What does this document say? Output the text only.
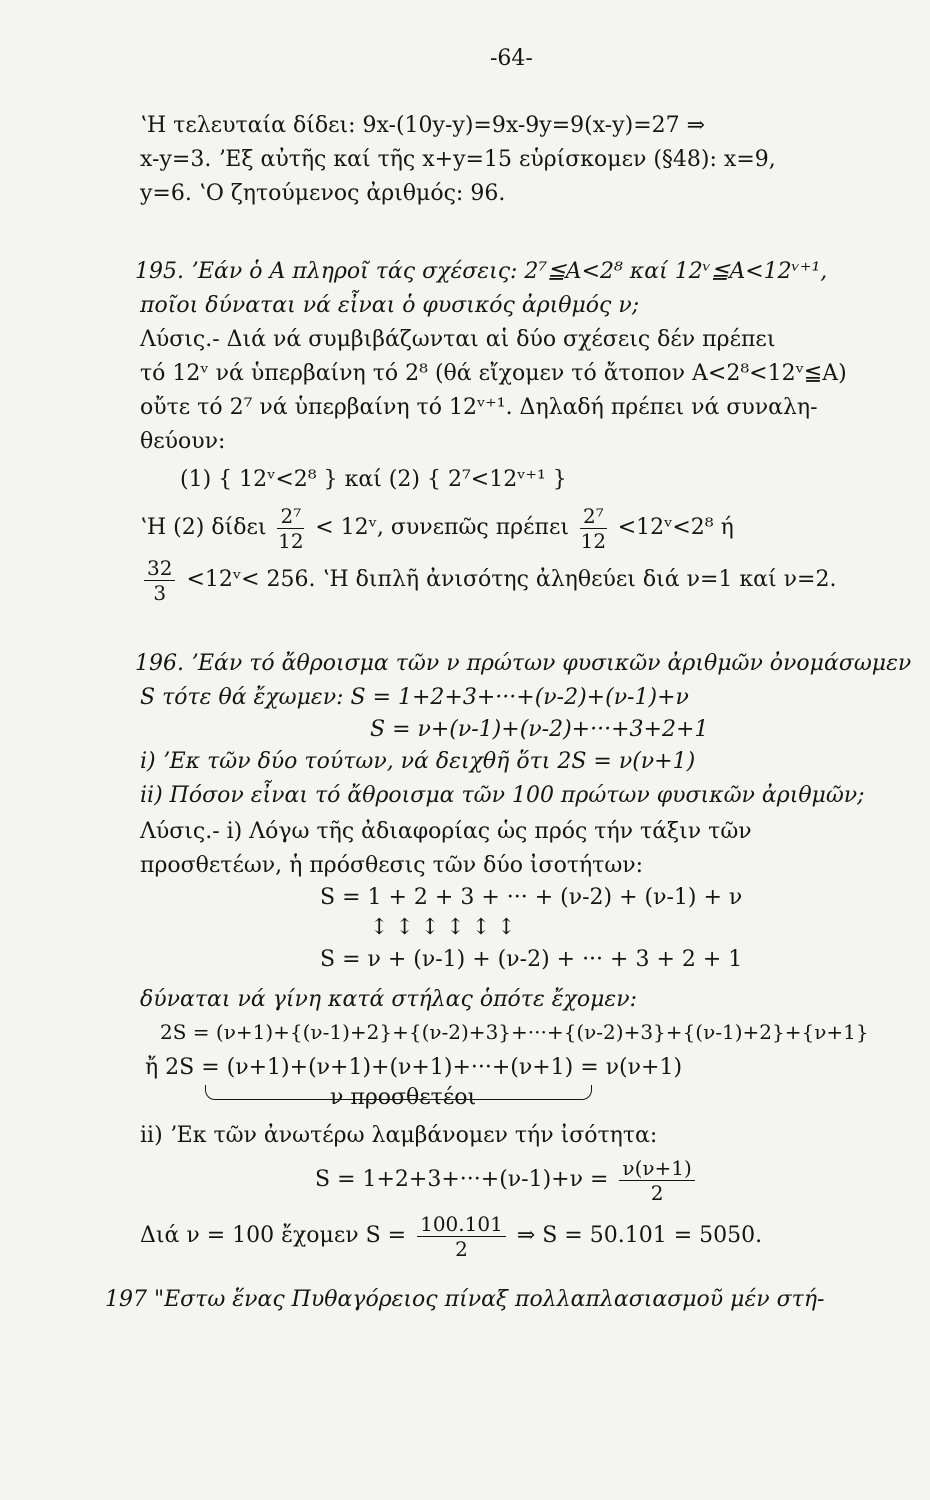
-64-
ʽΗ τελευταία δίδει: 9x-(10y-y)=9x-9y=9(x-y)=27 ⇒
x-y=3. ʼΕξ αὐτῆς καί τῆς x+y=15 εὑρίσκομεν (§48): x=9,
y=6. ʽΟ ζητούμενος ἀριθμός: 96.
195. ʼΕάν ὁ A πληροῖ τάς σχέσεις: 2⁷≦A<2⁸ καί 12ᵛ≦A<12ᵛ⁺¹,
ποῖοι δύναται νά εἶναι ὁ φυσικός ἀριθμός ν;
Λύσις.- Διά νά συμβιβάζωνται αἱ δύο σχέσεις δέν πρέπει
τό 12ᵛ νά ὑπερβαίνη τό 2⁸ (θά εἴχομεν τό ἄτοπον A<2⁸<12ᵛ≦A)
οὔτε τό 2⁷ νά ὑπερβαίνη τό 12ᵛ⁺¹. Δηλαδή πρέπει νά συναλη-
θεύουν:
(1) { 12ᵛ<2⁸ } καί (2) { 2⁷<12ᵛ⁺¹ }
ʽΗ (2) δίδει $\frac{\text{2⁷}}{12}$ < 12ᵛ, συνεπῶς πρέπει $\frac{\text{2⁷}}{12}$ <12ᵛ<2⁸ ή
$\frac{32}{3}$ <12ᵛ< 256. ʽΗ διπλῆ ἀνισότης ἀληθεύει διά ν=1 καί ν=2.
196. ʼΕάν τό ἄθροισμα τῶν ν πρώτων φυσικῶν ἀριθμῶν ὀνομάσωμεν
S τότε θά ἔχωμεν: S = 1+2+3+···+(ν-2)+(ν-1)+ν
S = ν+(ν-1)+(ν-2)+···+3+2+1
i) ʼΕκ τῶν δύο τούτων, νά δειχθῆ ὅτι 2S = ν(ν+1)
ii) Πόσον εἶναι τό ἄθροισμα τῶν 100 πρώτων φυσικῶν ἀριθμῶν;
Λύσις.- i) Λόγω τῆς ἀδιαφορίας ὡς πρός τήν τάξιν τῶν
προσθετέων, ἡ πρόσθεσις τῶν δύο ἰσοτήτων:
S = 1 + 2 + 3 + ··· + (ν-2) + (ν-1) + ν
↕ ↕ ↕ ↕ ↕ ↕
S = ν + (ν-1) + (ν-2) + ··· + 3 + 2 + 1
δύναται νά γίνη κατά στήλας ὁπότε ἔχομεν:
2S = (ν+1)+{(ν-1)+2}+{(ν-2)+3}+···+{(ν-2)+3}+{(ν-1)+2}+{ν+1}
ἤ 2S = (ν+1)+(ν+1)+(ν+1)+···+(ν+1) = ν(ν+1)
ν προσθετέοι
ii) ʼΕκ τῶν ἀνωτέρω λαμβάνομεν τήν ἰσότητα:
$S = 1+2+3+\cdot\cdot\cdot+(\nu-1)+\nu = \frac{\nu(\nu+1)}{2}$
Διά ν = 100 ἔχομεν $S = \frac{100.101}{2}$ ⇒ S = 50.101 = 5050.
197 "Εστω ἕνας Πυθαγόρειος πίναξ πολλαπλασιασμοῦ μέν στή-
